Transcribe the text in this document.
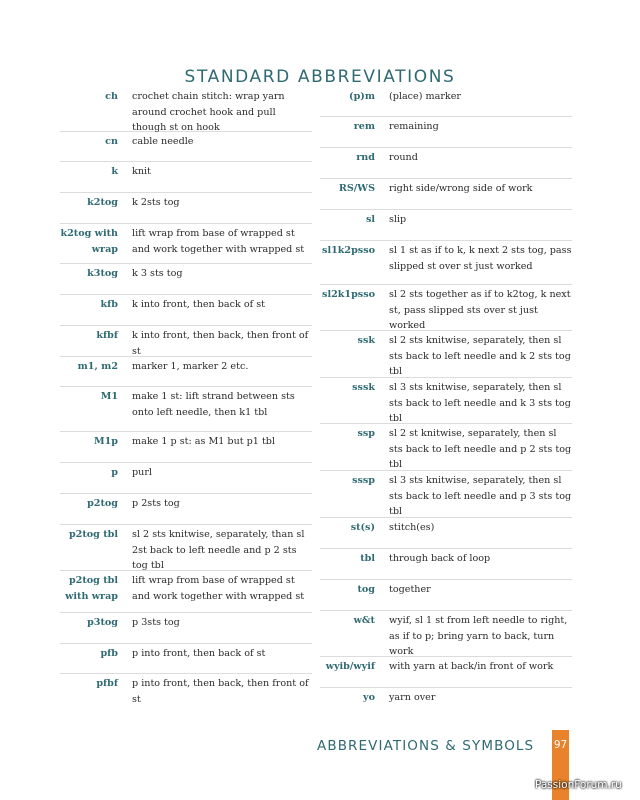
STANDARD ABBREVIATIONS
ch crochet chain stitch: wrap yarn around crochet hook and pull though st on hook
cn cable needle
k knit
k2tog k 2sts tog
k2tog with wrap
lift wrap from base of wrapped st and work together with wrapped st
k3tog k 3 sts tog
kfb k into front, then back of st
kfbf k into front, then back, then front of st
m1, m2 marker 1, marker 2 etc.
M1 make 1 st: lift strand between sts onto left needle, then k1 tbl
M1p make 1 p st: as M1 but p1 tbl
p purl
p2tog p 2sts tog
p2tog tbl sl 2 sts knitwise, separately, than sl 2st back to left needle and p 2 sts tog tbl
p2tog tbl with wrap
lift wrap from base of wrapped st and work together with wrapped st
p3tog p 3sts tog
pfb p into front, then back of st
pfbf p into front, then back, then front of st
(p)m (place) marker
rem remaining
rnd round
RS/WS right side/wrong side of work
sl slip
sl1k2psso sl 1 st as if to k, k next 2 sts tog, pass slipped st over st just worked
sl2k1psso sl 2 sts together as if to k2tog, k next st, pass slipped sts over st just worked
ssk sl 2 sts knitwise, separately, then sl sts back to left needle and k 2 sts tog tbl
sssk sl 3 sts knitwise, separately, then sl sts back to left needle and k 3 sts tog tbl
ssp sl 2 st knitwise, separately, then sl sts back to left needle and p 2 sts tog tbl
sssp sl 3 sts knitwise, separately, then sl sts back to left needle and p 3 sts tog tbl
st(s) stitch(es)
tbl through back of loop
tog together
w&t wyif, sl 1 st from left needle to right, as if to p; bring yarn to back, turn work
wyib/wyif with yarn at back/in front of work
yo yarn over
ABBREVIATIONS & SYMBOLS 97
PassionForum.ru
